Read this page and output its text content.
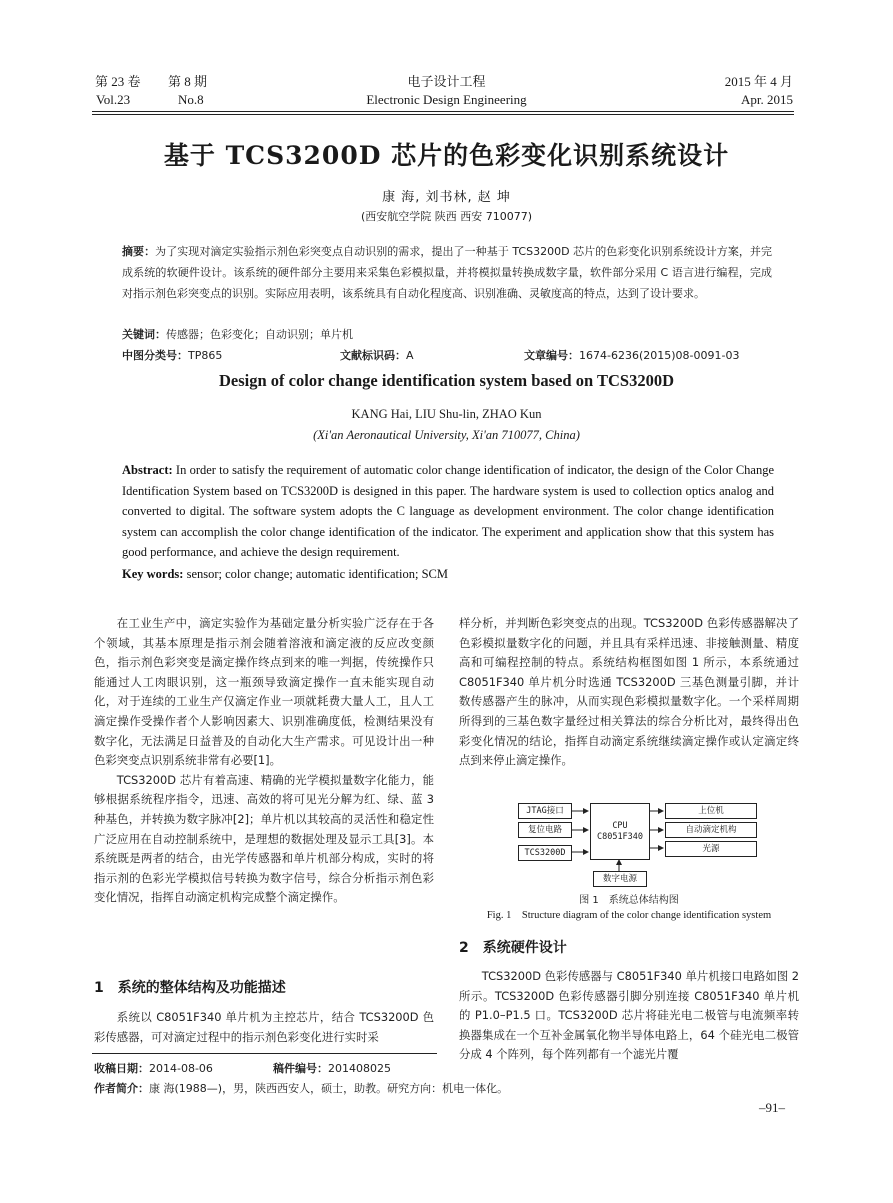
第 23 卷 第 8 期
Vol.23	No.8
电子设计工程
Electronic Design Engineering
2015 年 4 月
Apr. 2015
基于 TCS3200D 芯片的色彩变化识别系统设计
康 海, 刘书林, 赵 坤
(西安航空学院 陕西 西安 710077)
摘要：为了实现对滴定实验指示剂色彩突变点自动识别的需求，提出了一种基于 TCS3200D 芯片的色彩变化识别系统设计方案，并完成系统的软硬件设计。该系统的硬件部分主要用来采集色彩模拟量，并将模拟量转换成数字量，软件部分采用 C 语言进行编程，完成对指示剂色彩突变点的识别。实际应用表明，该系统具有自动化程度高、识别准确、灵敏度高的特点，达到了设计要求。
关键词：传感器；色彩变化；自动识别；单片机
中图分类号：TP865	文献标识码：A	文章编号：1674-6236(2015)08-0091-03
Design of color change identification system based on TCS3200D
KANG Hai, LIU Shu-lin, ZHAO Kun
(Xi'an Aeronautical University, Xi'an 710077, China)
Abstract: In order to satisfy the requirement of automatic color change identification of indicator, the design of the Color Change Identification System based on TCS3200D is designed in this paper. The hardware system is used to collection optics analog and converted to digital. The software system adopts the C language as development environment. The color change identification system can accomplish the color change identification of the indicator. The experiment and application show that this system has good performance, and achieve the design requirement.
Key words: sensor; color change; automatic identification; SCM

在工业生产中，滴定实验作为基础定量分析实验广泛存在于各个领域，其基本原理是指示剂会随着溶液和滴定液的反应改变颜色，指示剂色彩突变是滴定操作终点到来的唯一判据，传统操作只能通过人工肉眼识别，这一瓶颈导致滴定操作一直未能实现自动化，对于连续的工业生产仅滴定作业一项就耗费大量人工，且人工滴定操作受操作者个人影响因素大、识别准确度低，检测结果没有数字化，无法满足日益普及的自动化大生产需求。可见设计出一种色彩突变点识别系统非常有必要[1]。

TCS3200D 芯片有着高速、精确的光学模拟量数字化能力，能够根据系统程序指令，迅速、高效的将可见光分解为红、绿、蓝 3 种基色，并转换为数字脉冲[2]；单片机以其较高的灵活性和稳定性广泛应用在自动控制系统中，是理想的数据处理及显示工具[3]。本系统既是两者的结合，由光学传感器和单片机部分构成，实时的将指示剂的色彩光学模拟信号转换为数字信号，综合分析指示剂色彩变化情况，指挥自动滴定机构完成整个滴定操作。

1　系统的整体结构及功能描述

系统以 C8051F340 单片机为主控芯片，结合 TCS3200D 色彩传感器，可对滴定过程中的指示剂色彩变化进行实时采

收稿日期：2014-08-06	稿件编号：201408025
作者简介：康 海(1988—)，男，陕西西安人，硕士，助教。研究方向：机电一体化。

样分析，并判断色彩突变点的出现。TCS3200D 色彩传感器解决了色彩模拟量数字化的问题，并且具有采样迅速、非接触测量、精度高和可编程控制的特点。系统结构框图如图 1 所示，本系统通过 C8051F340 单片机分时选通 TCS3200D 三基色测量引脚，并计数传感器产生的脉冲，从而实现色彩模拟量数字化。一个采样周期所得到的三基色数字量经过相关算法的综合分析比对，最终得出色彩变化情况的结论，指挥自动滴定系统继续滴定操作或认定滴定终点到来停止滴定操作。

JTAG接口
复位电路
TCS3200D
CPU
C8051F340
上位机
自动滴定机构
光源
数字电源
图 1　系统总体结构图
Fig. 1　Structure diagram of the color change identification system
2　系统硬件设计

TCS3200D 色彩传感器与 C8051F340 单片机接口电路如图 2 所示。TCS3200D 色彩传感器引脚分别连接 C8051F340 单片机的 P1.0–P1.5 口。TCS3200D 芯片将硅光电二极管与电流频率转换器集成在一个互补金属氧化物半导体电路上，64 个硅光电二极管分成 4 个阵列，每个阵列都有一个滤光片覆

–91–
